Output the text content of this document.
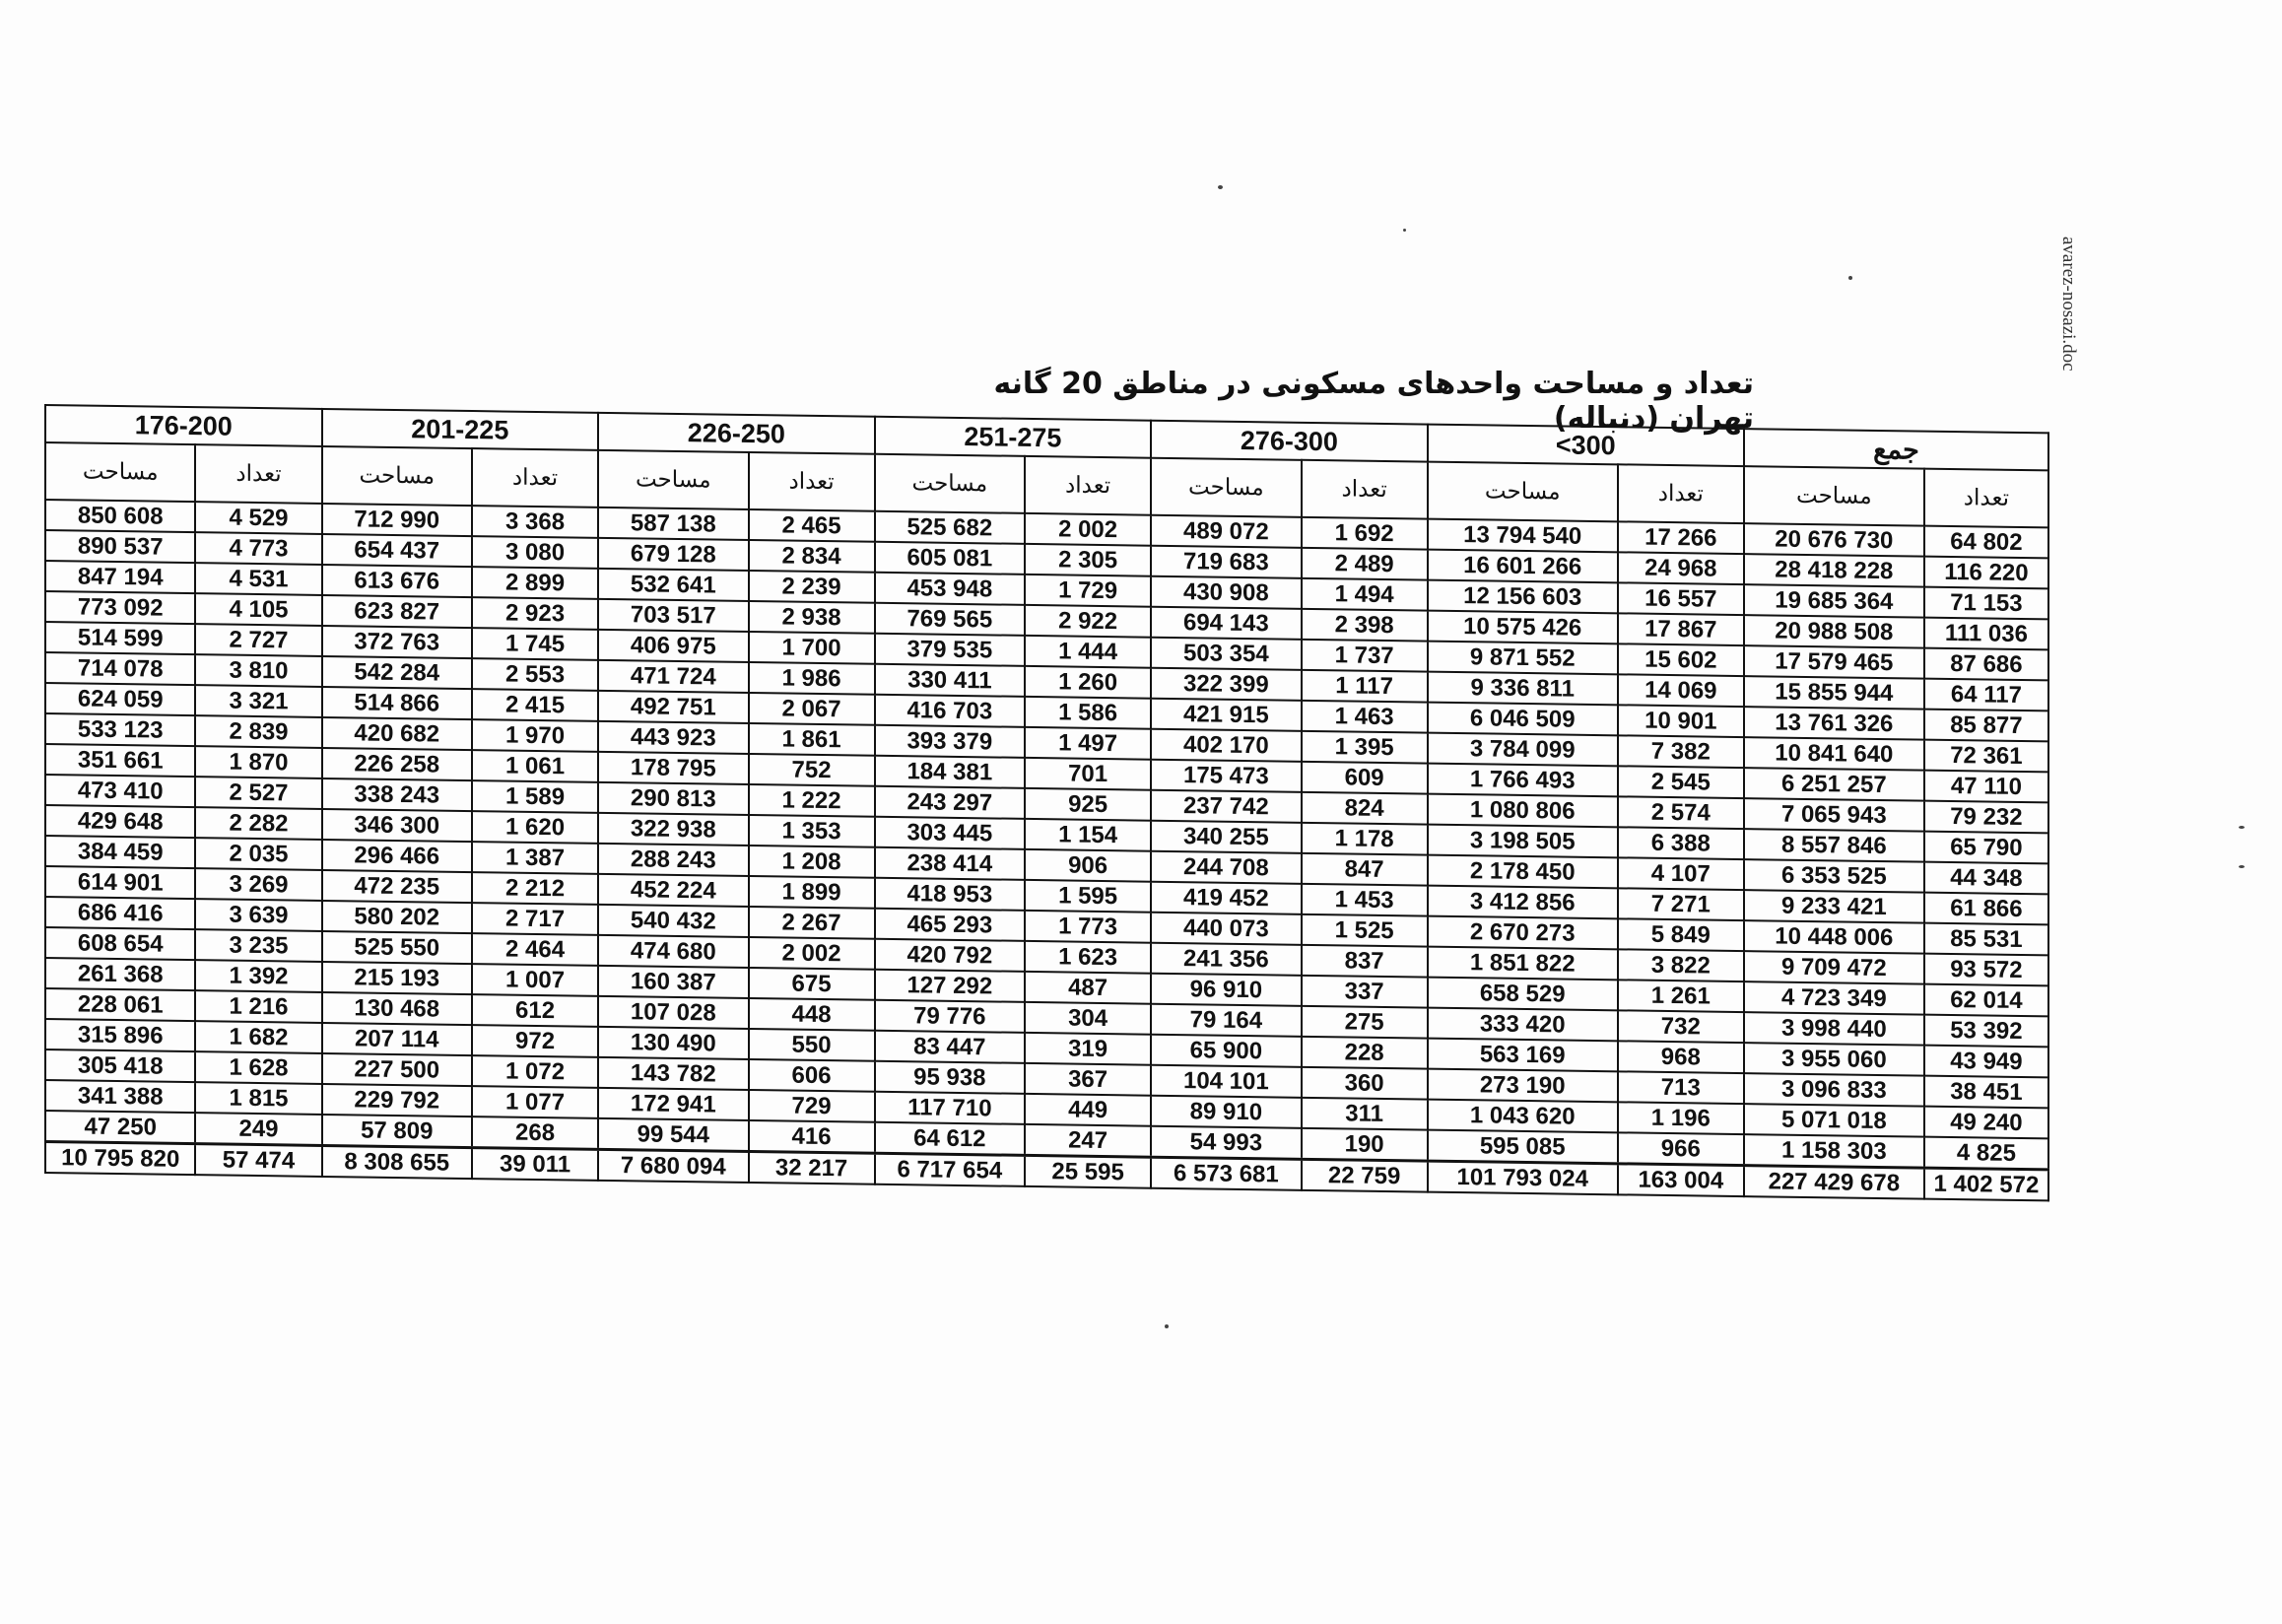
avarez-nosazi.doc
تعداد و مساحت واحدهای مسکونی در مناطق 20 گانه تهران (دنباله)
176-200		201-225		226-250		251-275		276-300		<300		جمع	
مساحت	تعداد	مساحت	تعداد	مساحت	تعداد	مساحت	تعداد	مساحت	تعداد	مساحت	تعداد	مساحت	تعداد
850 608	4 529	712 990	3 368	587 138	2 465	525 682	2 002	489 072	1 692	13 794 540	17 266	20 676 730	64 802
890 537	4 773	654 437	3 080	679 128	2 834	605 081	2 305	719 683	2 489	16 601 266	24 968	28 418 228	116 220
847 194	4 531	613 676	2 899	532 641	2 239	453 948	1 729	430 908	1 494	12 156 603	16 557	19 685 364	71 153
773 092	4 105	623 827	2 923	703 517	2 938	769 565	2 922	694 143	2 398	10 575 426	17 867	20 988 508	111 036
514 599	2 727	372 763	1 745	406 975	1 700	379 535	1 444	503 354	1 737	9 871 552	15 602	17 579 465	87 686
714 078	3 810	542 284	2 553	471 724	1 986	330 411	1 260	322 399	1 117	9 336 811	14 069	15 855 944	64 117
624 059	3 321	514 866	2 415	492 751	2 067	416 703	1 586	421 915	1 463	6 046 509	10 901	13 761 326	85 877
533 123	2 839	420 682	1 970	443 923	1 861	393 379	1 497	402 170	1 395	3 784 099	7 382	10 841 640	72 361
351 661	1 870	226 258	1 061	178 795	752	184 381	701	175 473	609	1 766 493	2 545	6 251 257	47 110
473 410	2 527	338 243	1 589	290 813	1 222	243 297	925	237 742	824	1 080 806	2 574	7 065 943	79 232
429 648	2 282	346 300	1 620	322 938	1 353	303 445	1 154	340 255	1 178	3 198 505	6 388	8 557 846	65 790
384 459	2 035	296 466	1 387	288 243	1 208	238 414	906	244 708	847	2 178 450	4 107	6 353 525	44 348
614 901	3 269	472 235	2 212	452 224	1 899	418 953	1 595	419 452	1 453	3 412 856	7 271	9 233 421	61 866
686 416	3 639	580 202	2 717	540 432	2 267	465 293	1 773	440 073	1 525	2 670 273	5 849	10 448 006	85 531
608 654	3 235	525 550	2 464	474 680	2 002	420 792	1 623	241 356	837	1 851 822	3 822	9 709 472	93 572
261 368	1 392	215 193	1 007	160 387	675	127 292	487	96 910	337	658 529	1 261	4 723 349	62 014
228 061	1 216	130 468	612	107 028	448	79 776	304	79 164	275	333 420	732	3 998 440	53 392
315 896	1 682	207 114	972	130 490	550	83 447	319	65 900	228	563 169	968	3 955 060	43 949
305 418	1 628	227 500	1 072	143 782	606	95 938	367	104 101	360	273 190	713	3 096 833	38 451
341 388	1 815	229 792	1 077	172 941	729	117 710	449	89 910	311	1 043 620	1 196	5 071 018	49 240
47 250	249	57 809	268	99 544	416	64 612	247	54 993	190	595 085	966	1 158 303	4 825
10 795 820	57 474	8 308 655	39 011	7 680 094	32 217	6 717 654	25 595	6 573 681	22 759	101 793 024	163 004	227 429 678	1 402 572
